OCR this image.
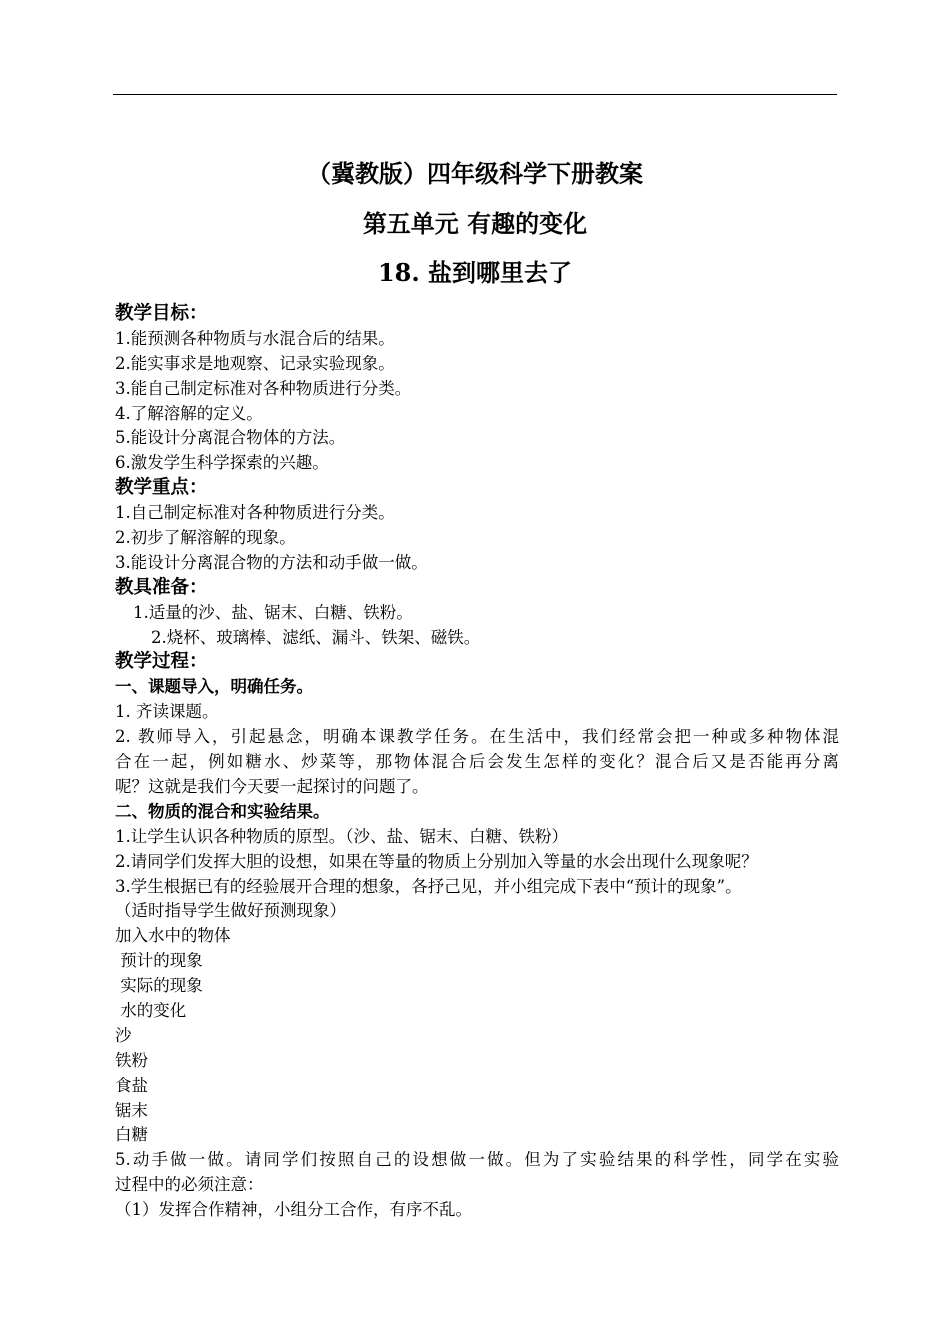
（冀教版）四年级科学下册教案
第五单元 有趣的变化
18. 盐到哪里去了
教学目标：
1.能预测各种物质与水混合后的结果。
2.能实事求是地观察、记录实验现象。
3.能自己制定标准对各种物质进行分类。
4.了解溶解的定义。
5.能设计分离混合物体的方法。
6.激发学生科学探索的兴趣。
教学重点：
1.自己制定标准对各种物质进行分类。
2.初步了解溶解的现象。
3.能设计分离混合物的方法和动手做一做。
教具准备：
1.适量的沙、盐、锯末、白糖、铁粉。
2.烧杯、玻璃棒、滤纸、漏斗、铁架、磁铁。
教学过程：
一、课题导入，明确任务。
1. 齐读课题。
2. 教师导入，引起悬念，明确本课教学任务。在生活中，我们经常会把一种或多种物体混
合在一起，例如糖水、炒菜等，那物体混合后会发生怎样的变化？混合后又是否能再分离
呢？这就是我们今天要一起探讨的问题了。
二、物质的混合和实验结果。
1.让学生认识各种物质的原型。（沙、盐、锯末、白糖、铁粉）
2.请同学们发挥大胆的设想，如果在等量的物质上分别加入等量的水会出现什么现象呢？
3.学生根据已有的经验展开合理的想象，各抒己见，并小组完成下表中“预计的现象”。
（适时指导学生做好预测现象）
加入水中的物体
预计的现象
实际的现象
水的变化
沙
铁粉
食盐
锯末
白糖
5.动手做一做。请同学们按照自己的设想做一做。但为了实验结果的科学性，同学在实验
过程中的必须注意：
（1）发挥合作精神，小组分工合作，有序不乱。
